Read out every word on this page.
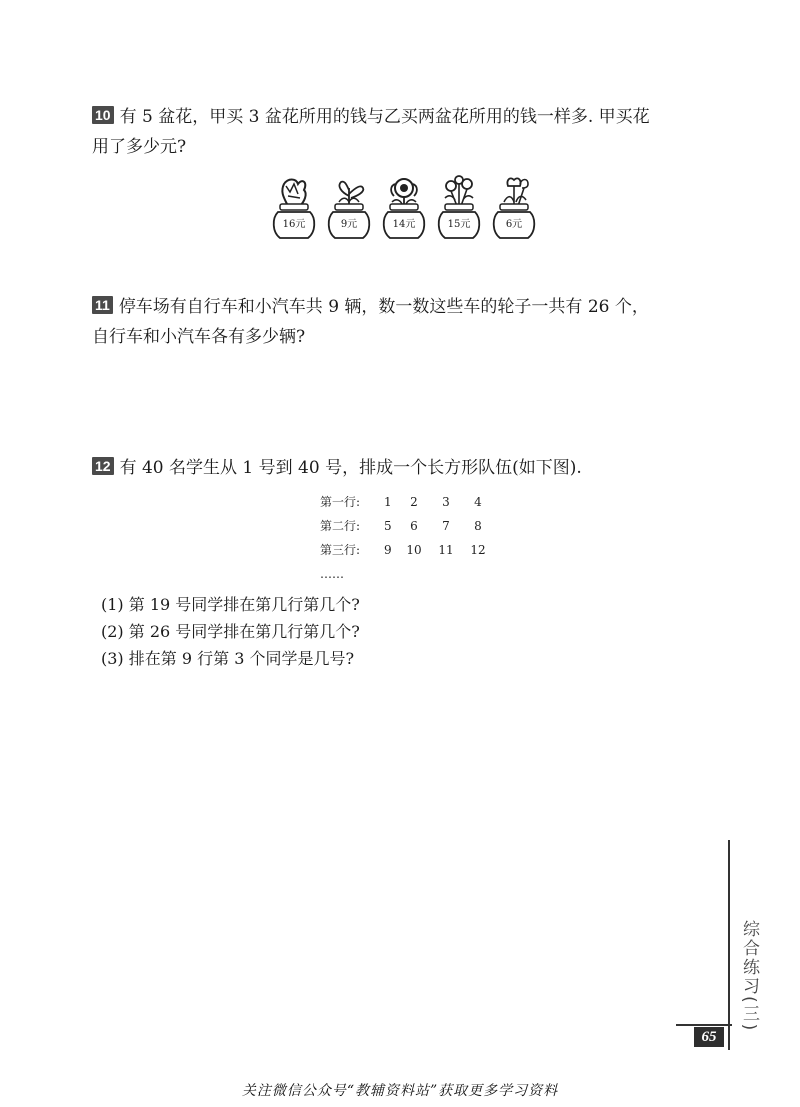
10 有 5 盆花，甲买 3 盆花所用的钱与乙买两盆花所用的钱一样多. 甲买花
用了多少元?
16元	9元	14元	15元	6元
11 停车场有自行车和小汽车共 9 辆，数一数这些车的轮子一共有 26 个，
自行车和小汽车各有多少辆?
12 有 40 名学生从 1 号到 40 号，排成一个长方形队伍(如下图).
第一行:	1	2	3	4
第二行:	5	6	7	8
第三行:	9	10	11	12
……
(1) 第 19 号同学排在第几行第几个?
(2) 第 26 号同学排在第几行第几个?
(3) 排在第 9 行第 3 个同学是几号?
综合练习(三)
65
关注微信公众号“教辅资料站”获取更多学习资料
